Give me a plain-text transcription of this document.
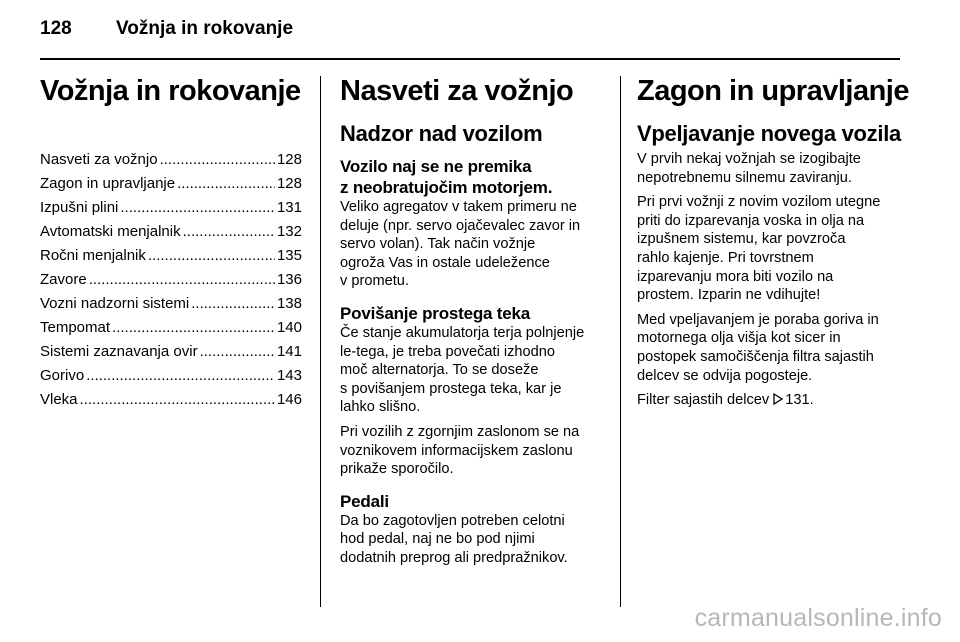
128	Vožnja in rokovanje
Vožnja in rokovanje
Nasveti za vožnjo .....	128
Zagon in upravljanje .....	128
Izpušni plini .....	131
Avtomatski menjalnik .....	132
Ročni menjalnik .....	135
Zavore .....	136
Vozni nadzorni sistemi .....	138
Tempomat .....	140
Sistemi zaznavanja ovir .....	141
Gorivo .....	143
Vleka .....	146
Nasveti za vožnjo
Nadzor nad vozilom
Vozilo naj se ne premika
z neobratujočim motorjem.
Veliko agregatov v takem primeru ne
deluje (npr. servo ojačevalec zavor in
servo volan). Tak način vožnje
ogroža Vas in ostale udeležence
v prometu.
Povišanje prostega teka
Če stanje akumulatorja terja polnjenje
le-tega, je treba povečati izhodno
moč alternatorja. To se doseže
s povišanjem prostega teka, kar je
lahko slišno.
Pri vozilih z zgornjim zaslonom se na
voznikovem informacijskem zaslonu
prikaže sporočilo.
Pedali
Da bo zagotovljen potreben celotni
hod pedal, naj ne bo pod njimi
dodatnih preprog ali predpražnikov.
Zagon in upravljanje
Vpeljavanje novega vozila
V prvih nekaj vožnjah se izogibajte
nepotrebnemu silnemu zaviranju.
Pri prvi vožnji z novim vozilom utegne
priti do izparevanja voska in olja na
izpušnem sistemu, kar povzroča
rahlo kajenje. Pri tovrstnem
izparevanju mora biti vozilo na
prostem. Izparin ne vdihujte!
Med vpeljavanjem je poraba goriva in
motornega olja višja kot sicer in
postopek samočiščenja filtra sajastih
delcev se odvija pogosteje.
Filter sajastih delcev 131.
carmanualsonline.info
